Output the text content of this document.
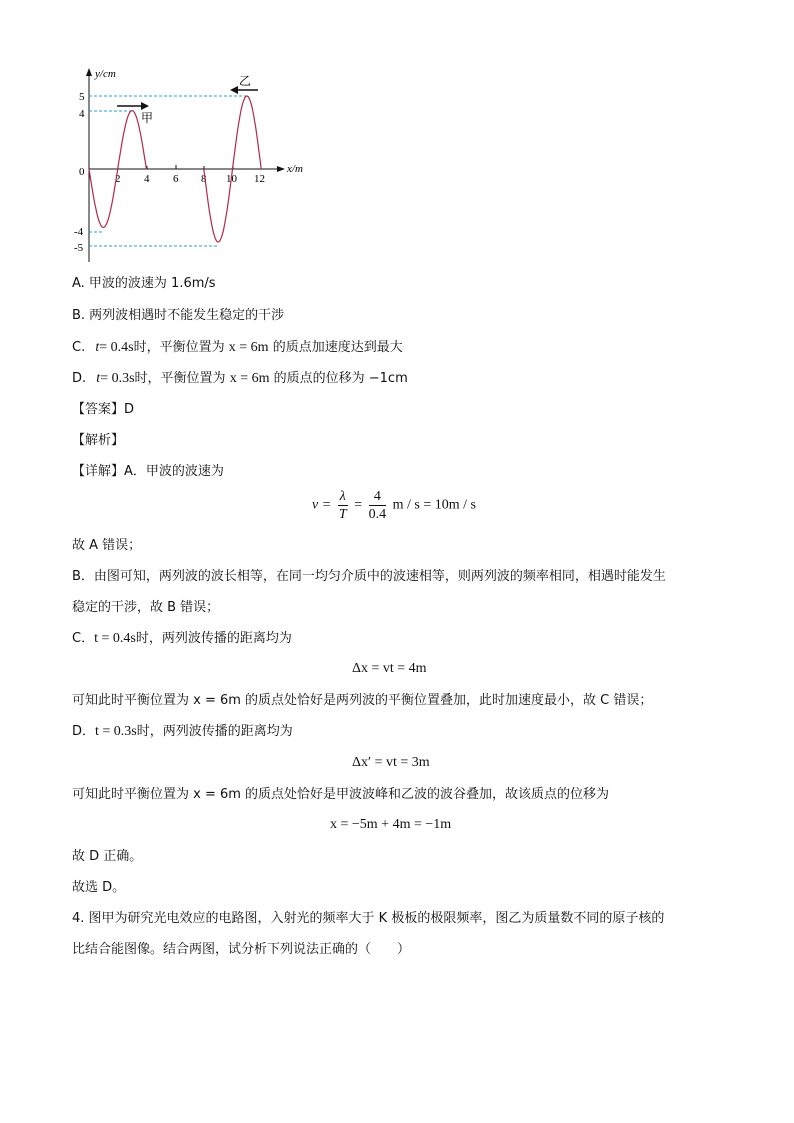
y/cm
x/m
5
4
0
-4
-5
2 4 6 8 10 12
甲
乙
A. 甲波的波速为 1.6m/s
B. 两列波相遇时不能发生稳定的干涉
C. t= 0.4s时，平衡位置为 x = 6m 的质点加速度达到最大
D. t= 0.3s时，平衡位置为 x = 6m 的质点的位移为 −1cm
【答案】D
【解析】
【详解】A．甲波的波速为
$v = \frac{\lambda}{T} = \frac{4}{0.4}$ m / s = 10m / s
故 A 错误；
B．由图可知，两列波的波长相等，在同一均匀介质中的波速相等，则两列波的频率相同，相遇时能发生
稳定的干涉，故 B 错误；
C．t = 0.4s时，两列波传播的距离均为
Δx = vt = 4m
可知此时平衡位置为 x = 6m 的质点处恰好是两列波的平衡位置叠加，此时加速度最小，故 C 错误；
D．t = 0.3s时，两列波传播的距离均为
Δx′ = vt = 3m
可知此时平衡位置为 x = 6m 的质点处恰好是甲波波峰和乙波的波谷叠加，故该质点的位移为
x = −5m + 4m = −1m
故 D 正确。
故选 D。
4. 图甲为研究光电效应的电路图，入射光的频率大于 K 极板的极限频率，图乙为质量数不同的原子核的
比结合能图像。结合两图，试分析下列说法正确的（　　）
